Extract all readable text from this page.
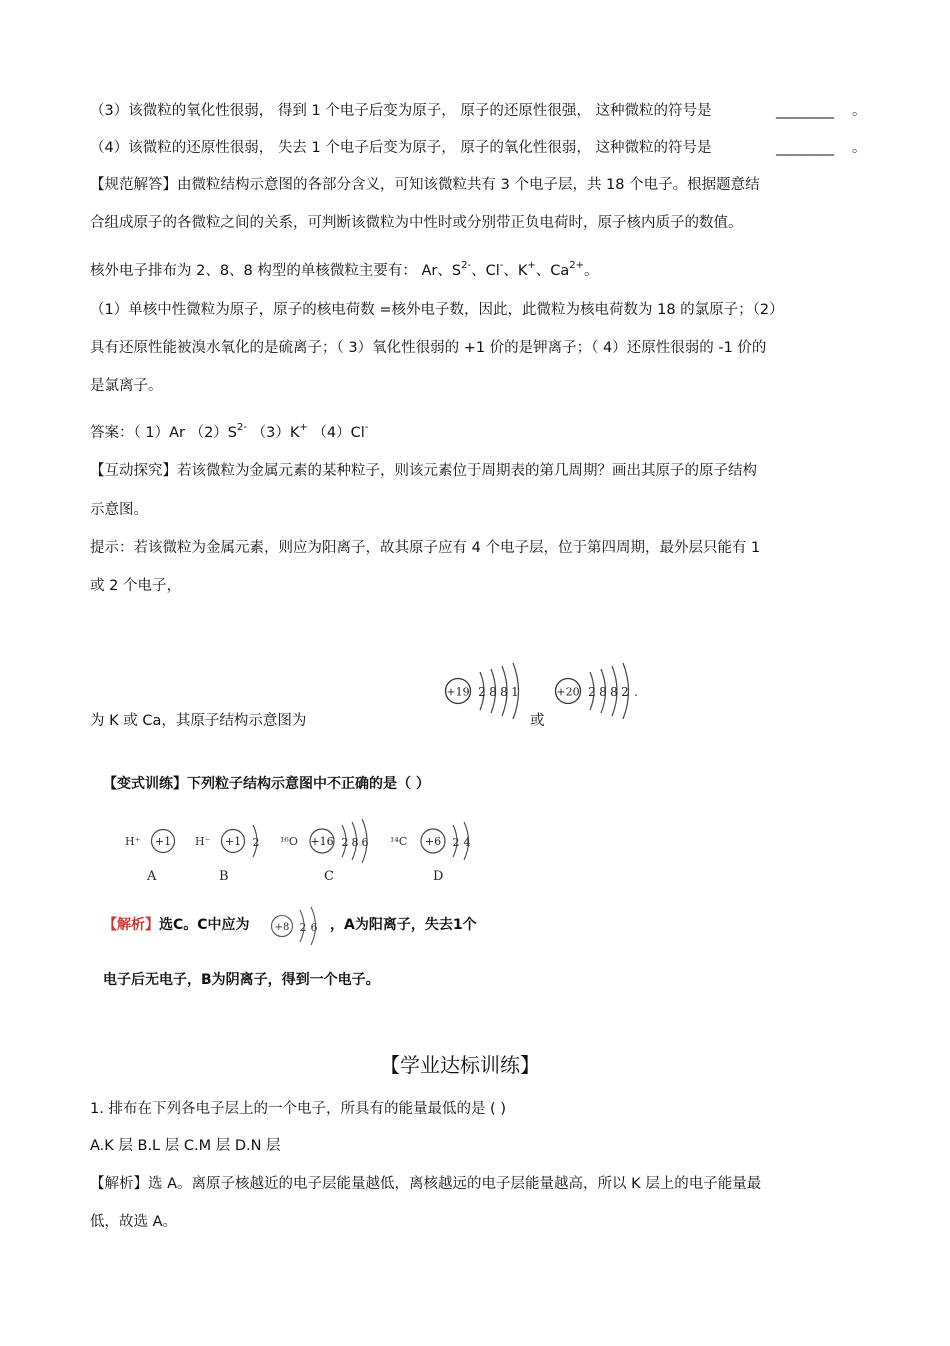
（3）该微粒的氧化性很弱， 得到 1 个电子后变为原子， 原子的还原性很强， 这种微粒的符号是	________ 。
（4）该微粒的还原性很弱， 失去 1 个电子后变为原子， 原子的氧化性很弱， 这种微粒的符号是	________ 。
【规范解答】由微粒结构示意图的各部分含义，可知该微粒共有 3 个电子层，共 18 个电子。根据题意结
合组成原子的各微粒之间的关系，可判断该微粒为中性时或分别带正负电荷时，原子核内质子的数值。
核外电子排布为 2、8、8 构型的单核微粒主要有： Ar、$S^{2-}$、Cl-、K+、$Ca^{2+}$。
（1）单核中性微粒为原子，原子的核电荷数 =核外电子数，因此，此微粒为核电荷数为 18 的氯原子；（2）
具有还原性能被溴水氧化的是硫离子；（ 3）氧化性很弱的 +1 价的是钾离子；（ 4）还原性很弱的 -1 价的
是氯离子。
答案：（ 1）Ar $(2)S^{2-}$ （3）K+ （4）Cl-
【互动探究】若该微粒为金属元素的某种粒子，则该元素位于周期表的第几周期？画出其原子的原子结构
示意图。
提示：若该微粒为金属元素，则应为阳离子，故其原子应有 4 个电子层，位于第四周期，最外层只能有 1
或 2 个电子，
为 K 或 Ca，其原子结构示意图为	或
+19 2 8 8 1	+20 2 8 8 2 .
【变式训练】下列粒子结构示意图中不正确的是（ ）
H⁺ +1
A
H⁻ +1 2
B
¹⁶O +16 2 8 6
C
¹⁴C +6 2 4
D
【解析】选C。C中应为	+8 2 6 ，A为阳离子，失去1个
电子后无电子，B为阴离子，得到一个电子。
【学业达标训练】
1. 排布在下列各电子层上的一个电子，所具有的能量最低的是 ( )
A.K 层 B.L 层 C.M 层 D.N 层
【解析】选 A。离原子核越近的电子层能量越低，离核越远的电子层能量越高，所以 K 层上的电子能量最
低，故选 A。
